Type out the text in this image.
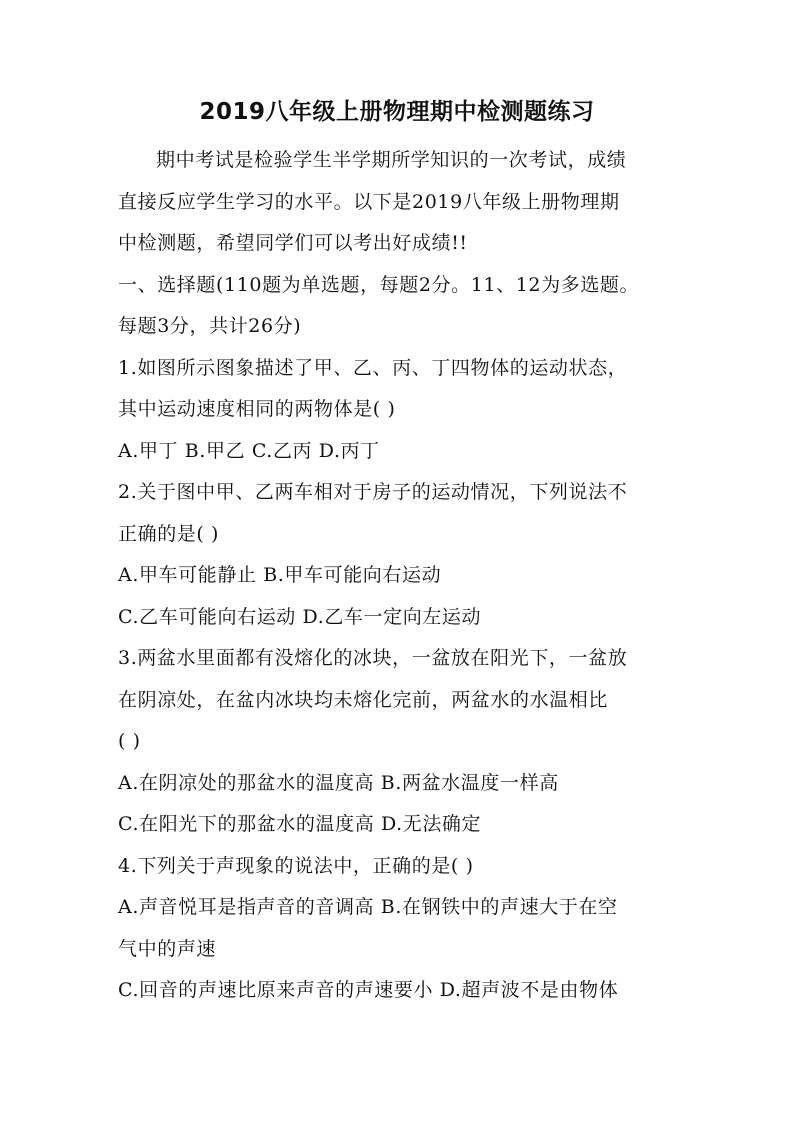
2019八年级上册物理期中检测题练习
期中考试是检验学生半学期所学知识的一次考试，成绩
直接反应学生学习的水平。以下是2019八年级上册物理期
中检测题，希望同学们可以考出好成绩!!
一、选择题(110题为单选题，每题2分。11、12为多选题。
每题3分，共计26分)
1.如图所示图象描述了甲、乙、丙、丁四物体的运动状态，
其中运动速度相同的两物体是( )
A.甲丁 B.甲乙 C.乙丙 D.丙丁
2.关于图中甲、乙两车相对于房子的运动情况，下列说法不
正确的是( )
A.甲车可能静止 B.甲车可能向右运动
C.乙车可能向右运动 D.乙车一定向左运动
3.两盆水里面都有没熔化的冰块，一盆放在阳光下，一盆放
在阴凉处，在盆内冰块均未熔化完前，两盆水的水温相比
( )
A.在阴凉处的那盆水的温度高 B.两盆水温度一样高
C.在阳光下的那盆水的温度高 D.无法确定
4.下列关于声现象的说法中，正确的是( )
A.声音悦耳是指声音的音调高 B.在钢铁中的声速大于在空
气中的声速
C.回音的声速比原来声音的声速要小 D.超声波不是由物体
